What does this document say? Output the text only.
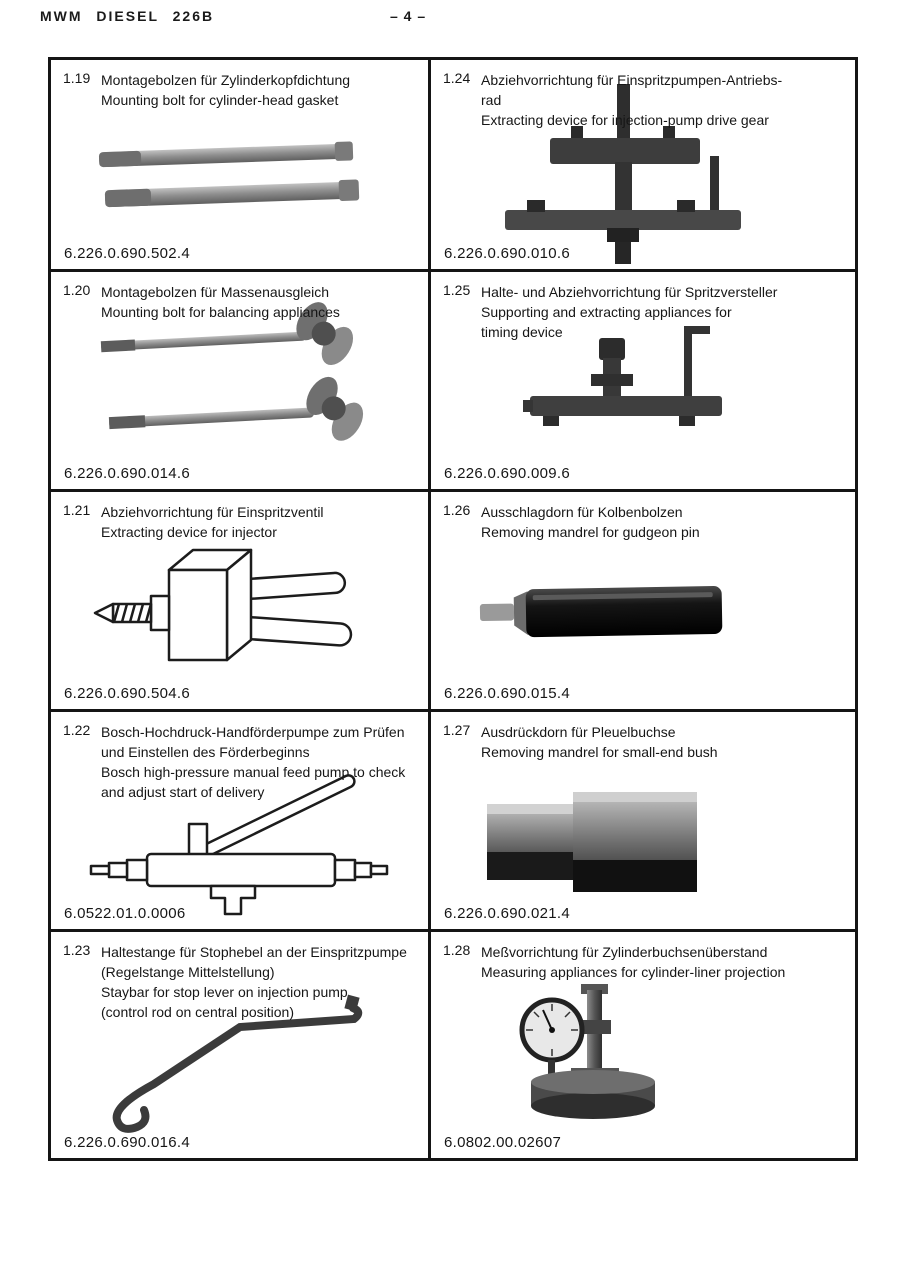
MWM DIESEL 226B	– 4 –
1.19 Montagebolzen für Zylinderkopfdichtung
Mounting bolt for cylinder-head gasket
6.226.0.690.502.4
1.24 Abziehvorrichtung für Einspritzpumpen-Antriebs-
rad
Extracting device for injection-pump drive gear
6.226.0.690.010.6
1.20 Montagebolzen für Massenausgleich
Mounting bolt for balancing appliances
6.226.0.690.014.6
1.25 Halte- und Abziehvorrichtung für Spritzversteller
Supporting and extracting appliances for
timing device
6.226.0.690.009.6
1.21 Abziehvorrichtung für Einspritzventil
Extracting device for injector
6.226.0.690.504.6
1.26 Ausschlagdorn für Kolbenbolzen
Removing mandrel for gudgeon pin
6.226.0.690.015.4
1.22 Bosch-Hochdruck-Handförderpumpe zum Prüfen
und Einstellen des Förderbeginns
Bosch high-pressure manual feed pump to check
and adjust start of delivery
6.0522.01.0.0006
1.27 Ausdrückdorn für Pleuelbuchse
Removing mandrel for small-end bush
6.226.0.690.021.4
1.23 Haltestange für Stophebel an der Einspritzpumpe
(Regelstange Mittelstellung)
Staybar for stop lever on injection pump
(control rod on central position)
6.226.0.690.016.4
1.28 Meßvorrichtung für Zylinderbuchsenüberstand
Measuring appliances for cylinder-liner projection
6.0802.00.02607
